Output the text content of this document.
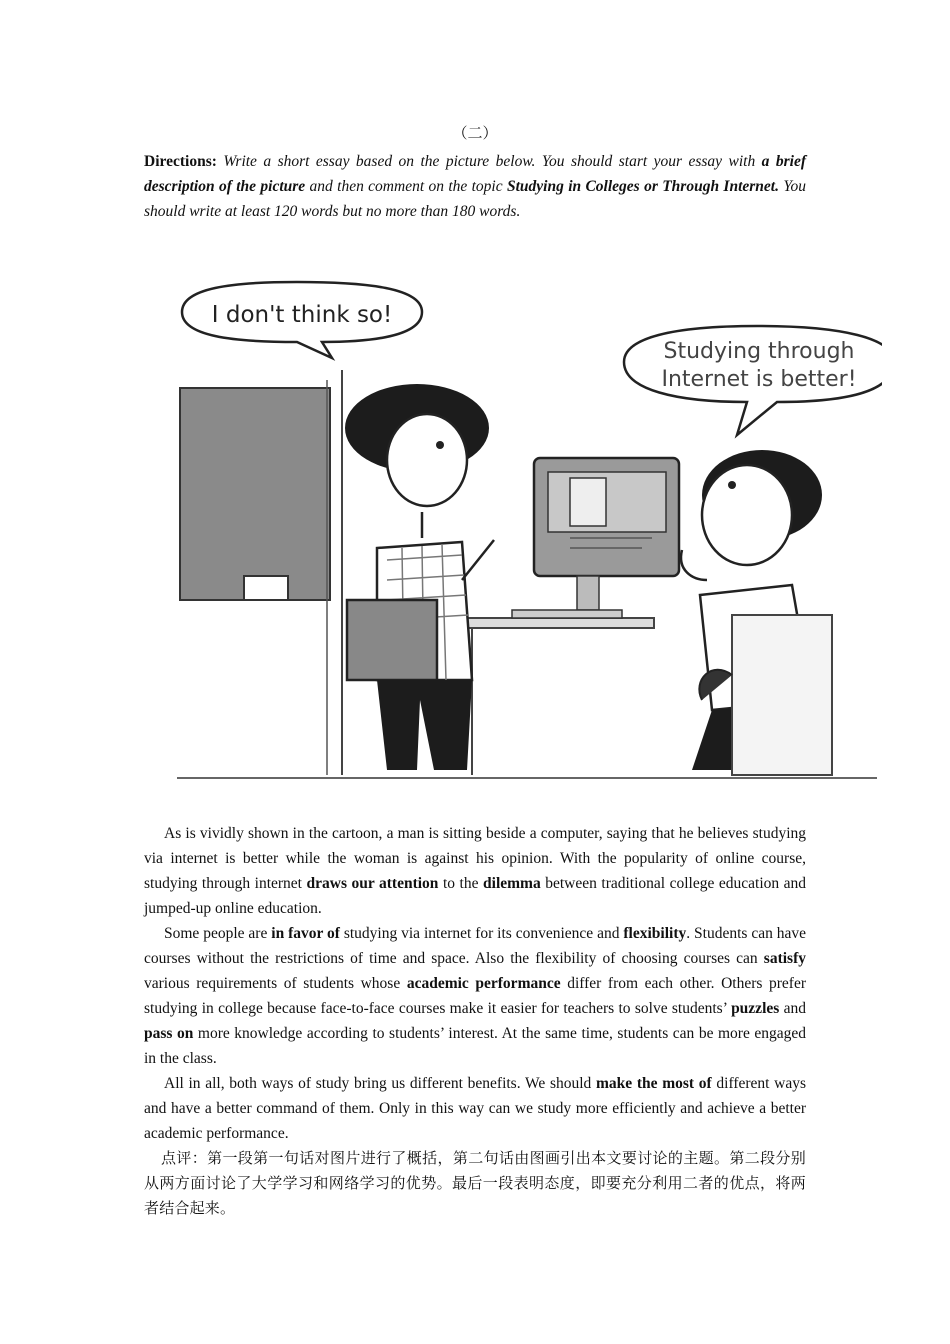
（二）

Directions: Write a short essay based on the picture below. You should start your essay with a brief description of the picture and then comment on the topic Studying in Colleges or Through Internet. You should write at least 120 words but no more than 180 words.

I don't think so!
Studying through
Internet is better!

As is vividly shown in the cartoon, a man is sitting beside a computer, saying that he believes studying via internet is better while the woman is against his opinion. With the popularity of online course, studying through internet draws our attention to the dilemma between traditional college education and jumped-up online education.

Some people are in favor of studying via internet for its convenience and flexibility. Students can have courses without the restrictions of time and space. Also the flexibility of choosing courses can satisfy various requirements of students whose academic performance differ from each other. Others prefer studying in college because face-to-face courses make it easier for teachers to solve students’ puzzles and pass on more knowledge according to students’ interest. At the same time, students can be more engaged in the class.

All in all, both ways of study bring us different benefits. We should make the most of different ways and have a better command of them. Only in this way can we study more efficiently and achieve a better academic performance.

点评：第一段第一句话对图片进行了概括，第二句话由图画引出本文要讨论的主题。第二段分别从两方面讨论了大学学习和网络学习的优势。最后一段表明态度，即要充分利用二者的优点，将两者结合起来。
